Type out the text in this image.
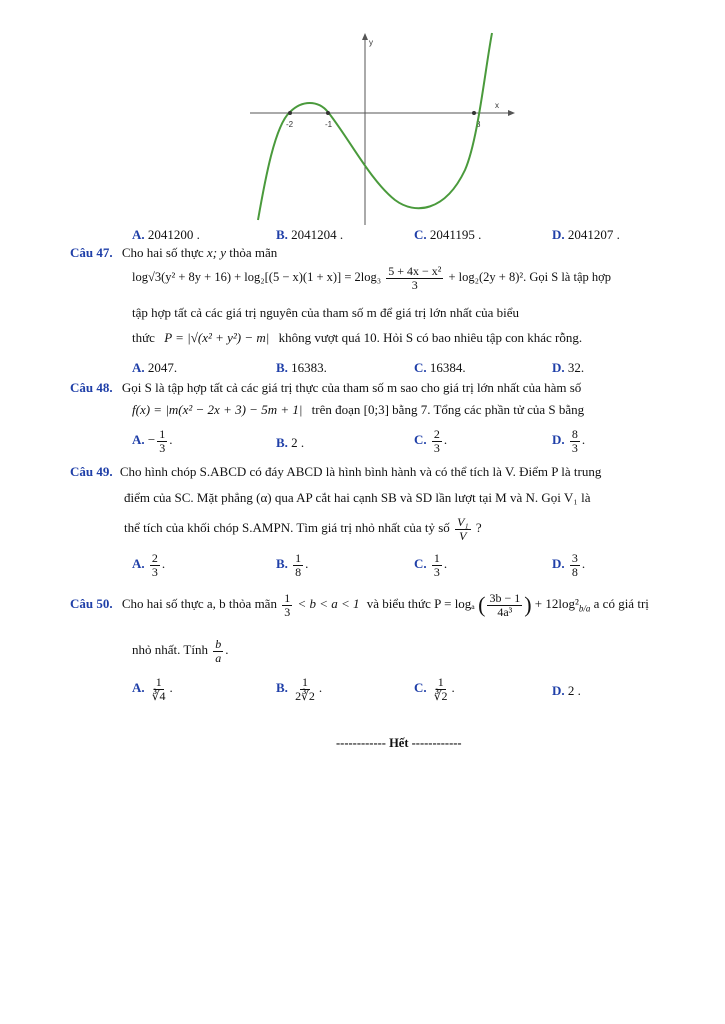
x
y
-2	-1	3
A. 2041200 .	B. 2041204 .	C. 2041195 .	D. 2041207 .
Câu 47. Cho hai số thực x; y thỏa mãn
$\log√3(y^2 + 8y + 16) + \log_2[(5 - x)(1 + x)] = 2\log_3 \frac{\text{5 + 4x − x²}}{3} + \log_2(2y + 8)^2$. Gọi S là tập hợp
tập hợp tất cả các giá trị nguyên của tham số m để giá trị lớn nhất của biểu
thức P = |√(x² + y²) − m| không vượt quá 10. Hỏi S có bao nhiêu tập con khác rỗng.
A. 2047.	B. 16383.	C. 16384.	D. 32.
Câu 48. Gọi S là tập hợp tất cả các giá trị thực của tham số m sao cho giá trị lớn nhất của hàm số
f(x) = |m(x² − 2x + 3) − 5m + 1| trên đoạn [0;3] bằng 7. Tổng các phần tử của S bằng
A. − $\frac{1}{3}$ .	B. 2 .	C. $\frac{2}{3}$ .	D. $\frac{8}{3}$ .
Câu 49. Cho hình chóp S.ABCD có đáy ABCD là hình bình hành và có thể tích là V. Điểm P là trung
điểm của SC. Mặt phẳng (α) qua AP cắt hai cạnh SB và SD lần lượt tại M và N. Gọi V₁ là
thể tích của khối chóp S.AMPN. Tìm giá trị nhỏ nhất của tỷ số $\frac{\text{V₁}}{V}$ ?
A. $\frac{2}{3}$ .	B. $\frac{1}{8}$ .	C. $\frac{1}{3}$ .	D. $\frac{3}{8}$ .
Câu 50. Cho hai số thực a, b thỏa mãn $\frac{1}{3} < b < a < 1$ và biểu thức P = logₐ ( $\frac{3b - 1}{\text{4a³}}$ ) + $12\log^2_{b/a}$ a có giá trị
nhỏ nhất. Tính $\frac{b}{a}$ .
A. $\frac{1}{∛4}$ .	B. $\frac{1}{2∛2}$ .	C. $\frac{1}{∛2}$ .	D. 2 .
------------ Hết ------------
